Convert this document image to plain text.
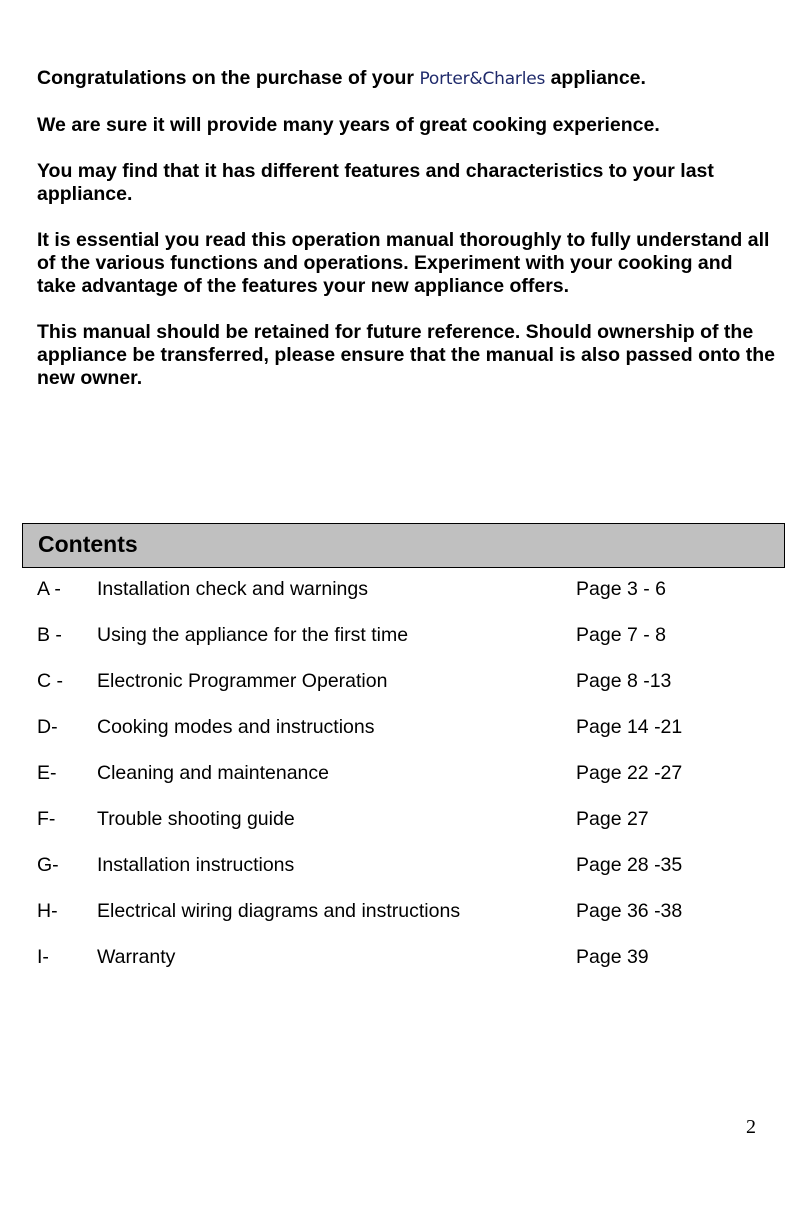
Congratulations on the purchase of your Porter&Charles appliance.

We are sure it will provide many years of great cooking experience.

You may find that it has different features and characteristics to your last appliance.

It is essential you read this operation manual thoroughly to fully understand all of the various functions and operations. Experiment with your cooking and take advantage of the features your new appliance offers.

This manual should be retained for future reference. Should ownership of the appliance be transferred, please ensure that the manual is also passed onto the new owner.

Contents
A - Installation check and warnings	Page 3 - 6
B - Using the appliance for the first time	Page 7 - 8
C - Electronic Programmer Operation	Page 8 -13
D- Cooking modes and instructions	Page 14 -21
E- Cleaning and maintenance	Page 22 -27
F- Trouble shooting guide	Page 27
G- Installation instructions	Page 28 -35
H- Electrical wiring diagrams and instructions	Page 36 -38
I- Warranty	Page 39
2
